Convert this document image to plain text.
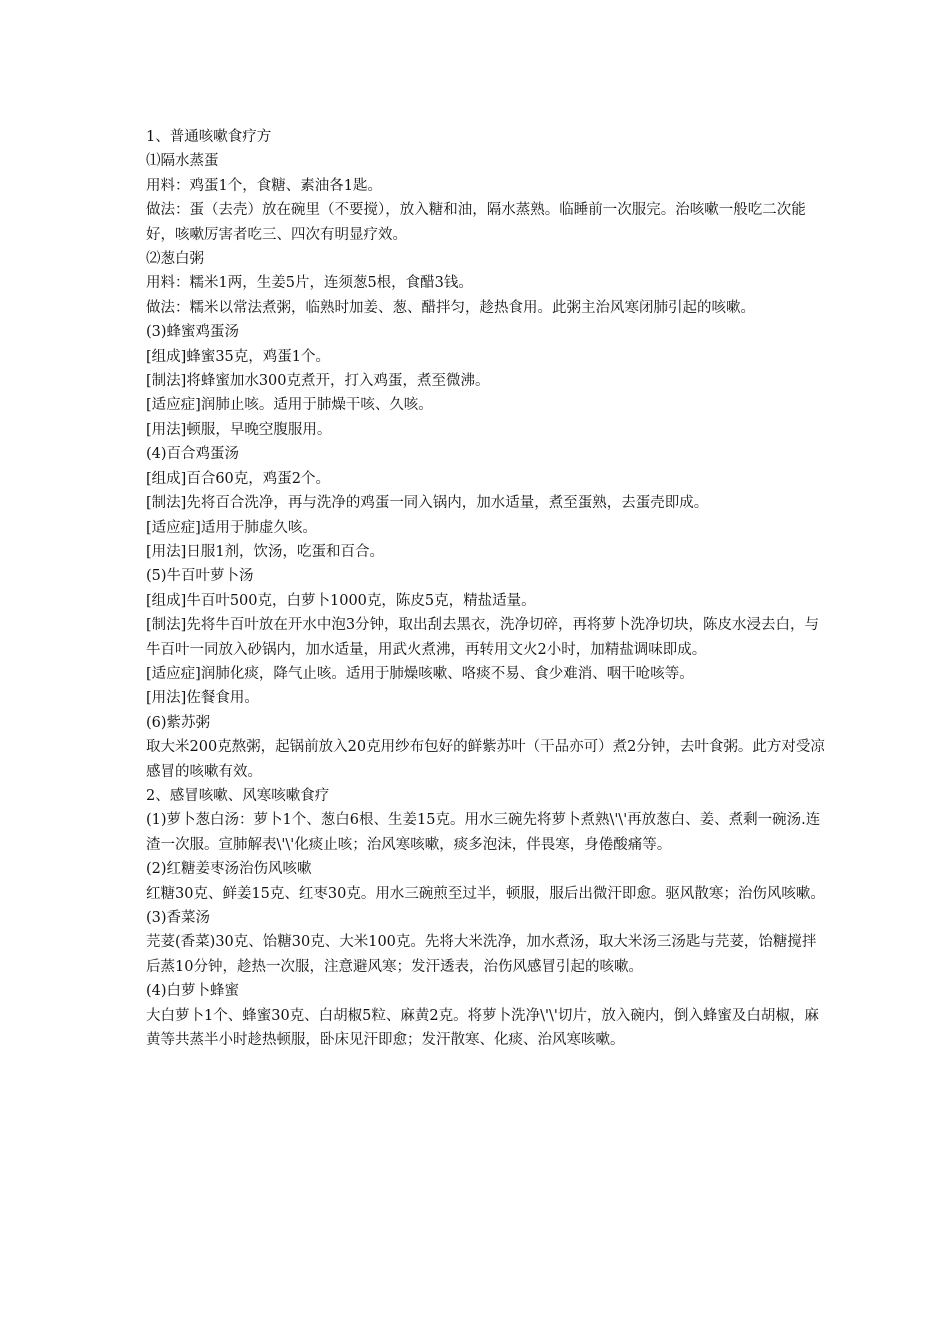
1、普通咳嗽食疗方

⑴隔水蒸蛋

用料：鸡蛋1个，食糖、素油各1匙。

做法：蛋（去壳）放在碗里（不要搅），放入糖和油，隔水蒸熟。临睡前一次服完。治咳嗽一般吃二次能好，咳嗽厉害者吃三、四次有明显疗效。

⑵葱白粥

用料：糯米1两，生姜5片，连须葱5根，食醋3钱。

做法：糯米以常法煮粥，临熟时加姜、葱、醋拌匀，趁热食用。此粥主治风寒闭肺引起的咳嗽。

(3)蜂蜜鸡蛋汤

[组成]蜂蜜35克，鸡蛋1个。

[制法]将蜂蜜加水300克煮开，打入鸡蛋，煮至微沸。

[适应症]润肺止咳。适用于肺燥干咳、久咳。

[用法]顿服，早晚空腹服用。

(4)百合鸡蛋汤

[组成]百合60克，鸡蛋2个。

[制法]先将百合洗净，再与洗净的鸡蛋一同入锅内，加水适量，煮至蛋熟，去蛋壳即成。

[适应症]适用于肺虚久咳。

[用法]日服1剂，饮汤，吃蛋和百合。

(5)牛百叶萝卜汤

[组成]牛百叶500克，白萝卜1000克，陈皮5克，精盐适量。

[制法]先将牛百叶放在开水中泡3分钟，取出刮去黑衣，洗净切碎，再将萝卜洗净切块，陈皮水浸去白，与牛百叶一同放入砂锅内，加水适量，用武火煮沸，再转用文火2小时，加精盐调味即成。

[适应症]润肺化痰，降气止咳。适用于肺燥咳嗽、咯痰不易、食少难消、咽干呛咳等。

[用法]佐餐食用。

(6)紫苏粥

取大米200克熬粥，起锅前放入20克用纱布包好的鲜紫苏叶（干品亦可）煮2分钟，去叶食粥。此方对受凉感冒的咳嗽有效。

2、感冒咳嗽、风寒咳嗽食疗

(1)萝卜葱白汤：萝卜1个、葱白6根、生姜15克。用水三碗先将萝卜煮熟\'\'再放葱白、姜、煮剩一碗汤.连渣一次服。宣肺解表\'\'化痰止咳；治风寒咳嗽，痰多泡沫，伴畏寒，身倦酸痛等。

(2)红糖姜枣汤治伤风咳嗽

红糖30克、鲜姜15克、红枣30克。用水三碗煎至过半，顿服，服后出微汗即愈。驱风散寒；治伤风咳嗽。

(3)香菜汤

芫荽(香菜)30克、饴糖30克、大米100克。先将大米洗净，加水煮汤，取大米汤三汤匙与芫荽，饴糖搅拌后蒸10分钟，趁热一次服，注意避风寒；发汗透表，治伤风感冒引起的咳嗽。

(4)白萝卜蜂蜜

大白萝卜1个、蜂蜜30克、白胡椒5粒、麻黄2克。将萝卜洗净\'\'切片，放入碗内，倒入蜂蜜及白胡椒，麻黄等共蒸半小时趁热顿服，卧床见汗即愈；发汗散寒、化痰、治风寒咳嗽。
